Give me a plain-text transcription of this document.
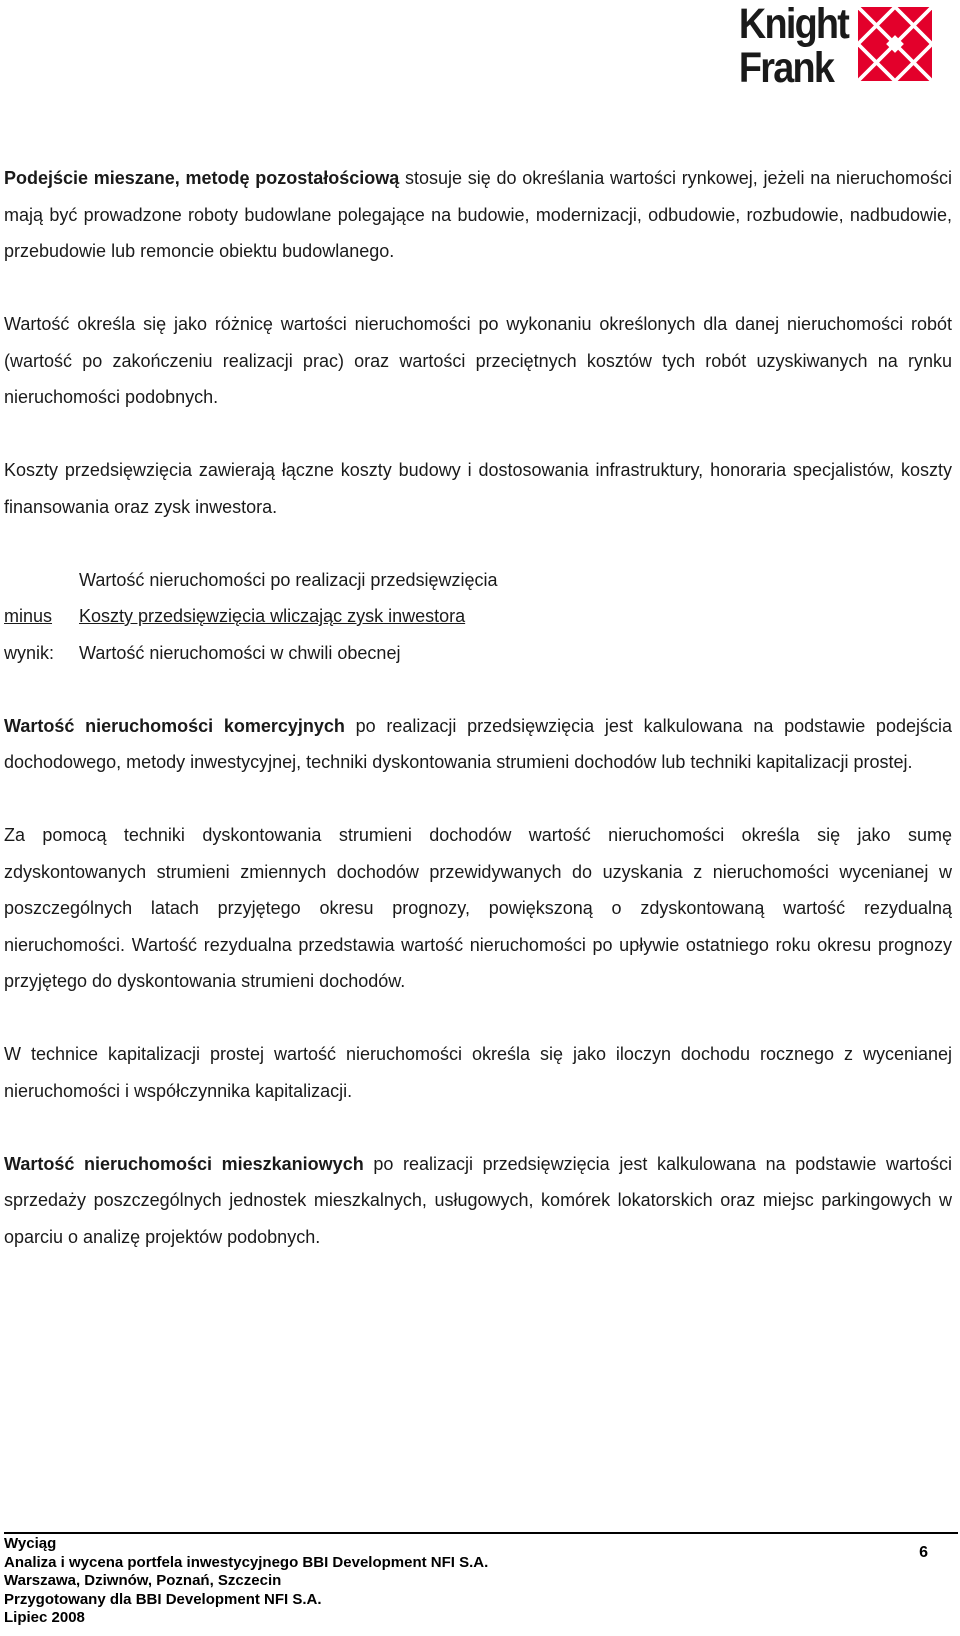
Knight
Frank

Podejście mieszane, metodę pozostałościową stosuje się do określania wartości rynkowej, jeżeli na nieruchomości mają być prowadzone roboty budowlane polegające na budowie, modernizacji, odbudowie, rozbudowie, nadbudowie, przebudowie lub remoncie obiektu budowlanego.

Wartość określa się jako różnicę wartości nieruchomości po wykonaniu określonych dla danej nieruchomości robót (wartość po zakończeniu realizacji prac) oraz wartości przeciętnych kosztów tych robót uzyskiwanych na rynku nieruchomości podobnych.

Koszty przedsięwzięcia zawierają łączne koszty budowy i dostosowania infrastruktury, honoraria specjalistów, koszty finansowania oraz zysk inwestora.

Wartość nieruchomości po realizacji przedsięwzięcia
minus	Koszty przedsięwzięcia wliczając zysk inwestora
wynik:	Wartość nieruchomości w chwili obecnej

Wartość nieruchomości komercyjnych po realizacji przedsięwzięcia jest kalkulowana na podstawie podejścia dochodowego, metody inwestycyjnej, techniki dyskontowania strumieni dochodów lub techniki kapitalizacji prostej.

Za pomocą techniki dyskontowania strumieni dochodów wartość nieruchomości określa się jako sumę zdyskontowanych strumieni zmiennych dochodów przewidywanych do uzyskania z nieruchomości wycenianej w poszczególnych latach przyjętego okresu prognozy, powiększoną o zdyskontowaną wartość rezydualną nieruchomości. Wartość rezydualna przedstawia wartość nieruchomości po upływie ostatniego roku okresu prognozy przyjętego do dyskontowania strumieni dochodów.

W technice kapitalizacji prostej wartość nieruchomości określa się jako iloczyn dochodu rocznego z wycenianej nieruchomości i współczynnika kapitalizacji.

Wartość nieruchomości mieszkaniowych po realizacji przedsięwzięcia jest kalkulowana na podstawie wartości sprzedaży poszczególnych jednostek mieszkalnych, usługowych, komórek lokatorskich oraz miejsc parkingowych w oparciu o analizę projektów podobnych.

Wyciąg
Analiza i wycena portfela inwestycyjnego BBI Development NFI S.A.
Warszawa, Dziwnów, Poznań, Szczecin
Przygotowany dla BBI Development NFI S.A.
Lipiec 2008
6
